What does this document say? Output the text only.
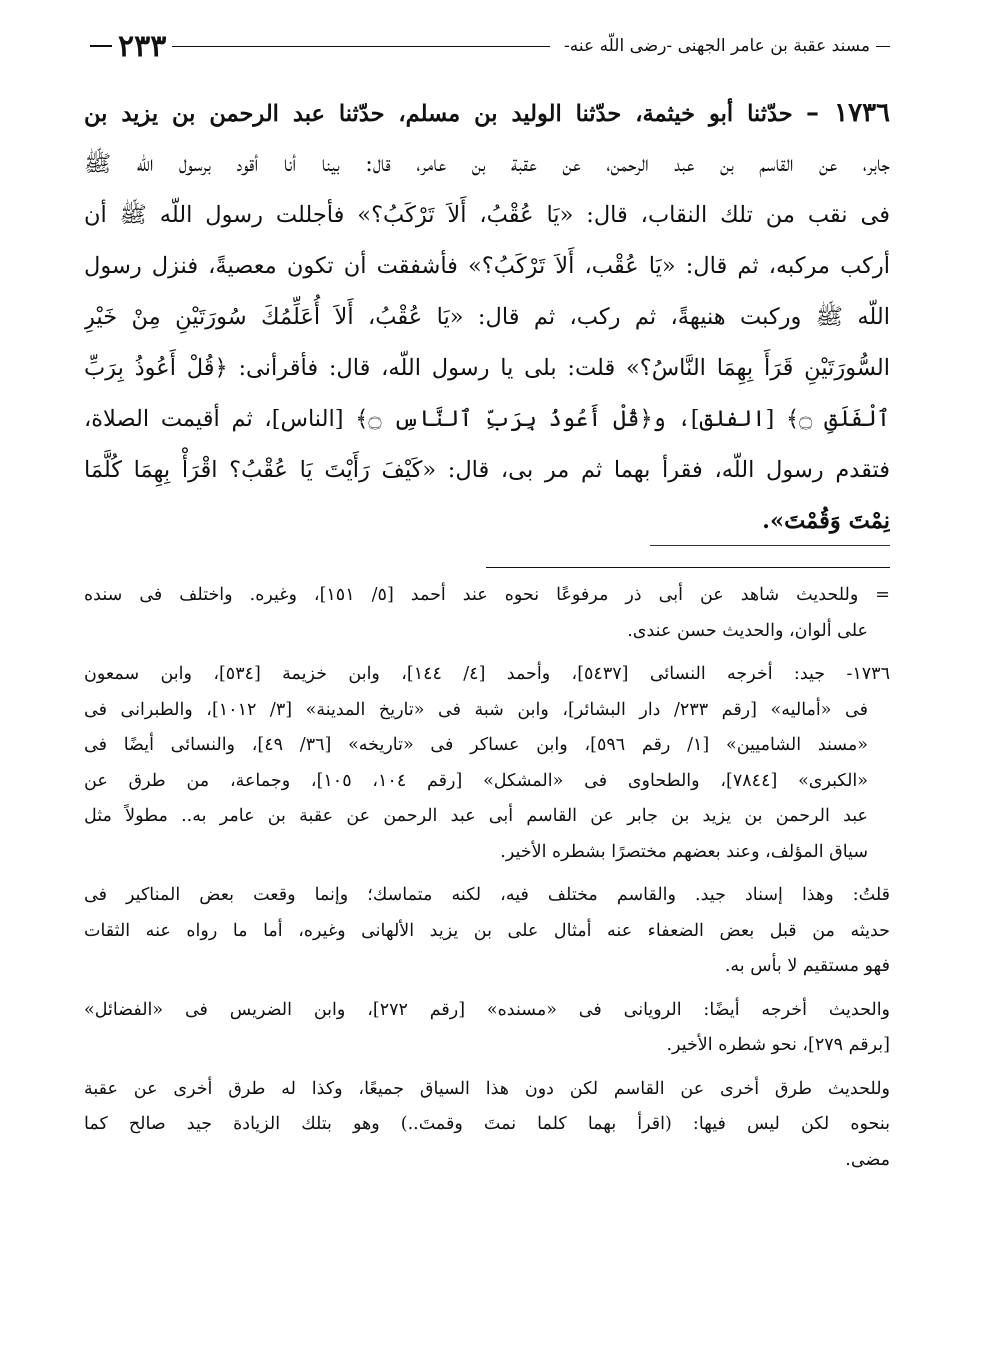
مسند عقبة بن عامر الجهنى -رضى اللّه عنه-
٢٣٣
١٧٣٦ – حدّثنا أبو خيثمة، حدّثنا الوليد بن مسلم، حدّثنا عبد الرحمن بن يزيد بن
جابر، عن القاسم بن عبد الرحمن، عن عقبة بن عامر، قال: بينا أنا أقود برسول اللّه ﷺ
فى نقب من تلك النقاب، قال: «يَا عُقْبُ، أَلاَ تَرْكَبُ؟» فأجللت رسول اللّه ﷺ أن
أركب مركبه، ثم قال: «يَا عُقْب، أَلاَ تَرْكَبُ؟» فأشفقت أن تكون معصيةً، فنزل رسول
اللّه ﷺ وركبت هنيهةً، ثم ركب، ثم قال: «يَا عُقْبُ، أَلاَ أُعَلِّمُكَ سُورَتَيْنِ مِنْ خَيْرِ
السُّورَتَيْنِ قَرَأَ بِهِمَا النَّاسُ؟» قلت: بلى يا رسول اللّه، قال: فأقرأنى: ﴿قُلْ أَعُوذُ بِرَبِّ
ٱلْفَلَقِ ۝﴾ [الفلق]، و﴿قُلْ أَعُوذُ بِرَبِّ ٱلنَّاسِ ۝﴾ [الناس]، ثم أقيمت الصلاة،
فتقدم رسول اللّه، فقرأ بهما ثم مر بى، قال: «كَيْفَ رَأَيْتَ يَا عُقْبُ؟ اقْرَأْ بِهِمَا كُلَّمَا
نِمْتَ وَقُمْتَ».
= وللحديث شاهد عن أبى ذر مرفوعًا نحوه عند أحمد [٥/ ١٥١]، وغيره. واختلف فى سنده
على ألوان، والحديث حسن عندى.
١٧٣٦- جيد: أخرجه النسائى [٥٤٣٧]، وأحمد [٤/ ١٤٤]، وابن خزيمة [٥٣٤]، وابن سمعون
فى «أماليه» [رقم ٢٣٣/ دار البشائر]، وابن شبة فى «تاريخ المدينة» [٣/ ١٠١٢]، والطبرانى فى
«مسند الشاميين» [١/ رقم ٥٩٦]، وابن عساكر فى «تاريخه» [٣٦/ ٤٩]، والنسائى أيضًا فى
«الكبرى» [٧٨٤٤]، والطحاوى فى «المشكل» [رقم ١٠٤، ١٠٥]، وجماعة، من طرق عن
عبد الرحمن بن يزيد بن جابر عن القاسم أبى عبد الرحمن عن عقبة بن عامر به.. مطولاً مثل
سياق المؤلف، وعند بعضهم مختصرًا بشطره الأخير.
قلتُ: وهذا إسناد جيد. والقاسم مختلف فيه، لكنه متماسك؛ وإنما وقعت بعض المناكير فى
حديثه من قبل بعض الضعفاء عنه أمثال على بن يزيد الألهانى وغيره، أما ما رواه عنه الثقات
فهو مستقيم لا بأس به.
والحديث أخرجه أيضًا: الرويانى فى «مسنده» [رقم ٢٧٢]، وابن الضريس فى «الفضائل»
[برقم ٢٧٩]، نحو شطره الأخير.
وللحديث طرق أخرى عن القاسم لكن دون هذا السياق جميعًا، وكذا له طرق أخرى عن عقبة
بنحوه لكن ليس فيها: (اقرأ بهما كلما نمتَ وقمتَ..) وهو بتلك الزيادة جيد صالح كما
مضى.
